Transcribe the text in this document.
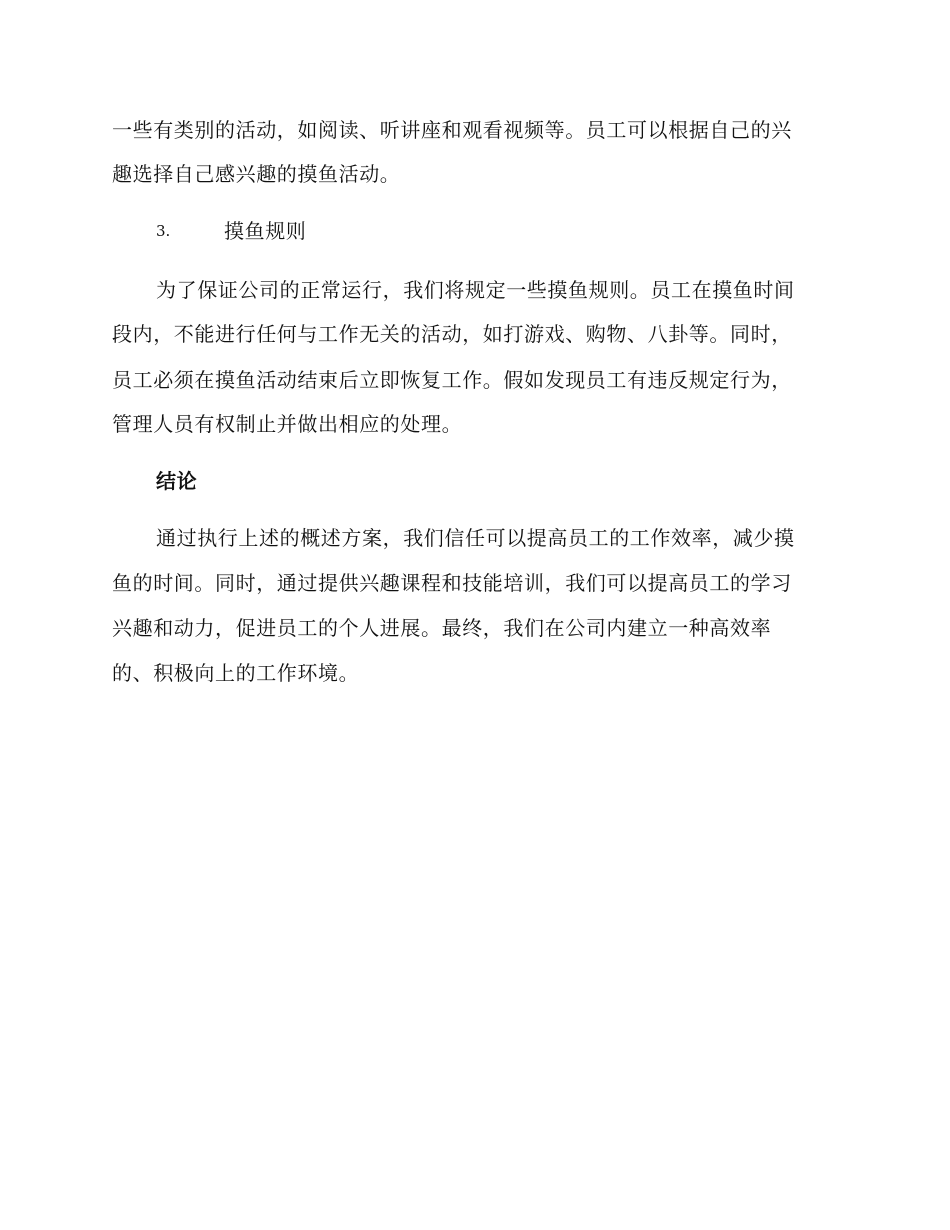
一些有类别的活动，如阅读、听讲座和观看视频等。员工可以根据自己的兴
趣选择自己感兴趣的摸鱼活动。
3.	摸鱼规则
为了保证公司的正常运行，我们将规定一些摸鱼规则。员工在摸鱼时间
段内，不能进行任何与工作无关的活动，如打游戏、购物、八卦等。同时，
员工必须在摸鱼活动结束后立即恢复工作。假如发现员工有违反规定行为，
管理人员有权制止并做出相应的处理。
结论
通过执行上述的概述方案，我们信任可以提高员工的工作效率，减少摸
鱼的时间。同时，通过提供兴趣课程和技能培训，我们可以提高员工的学习
兴趣和动力，促进员工的个人进展。最终，我们在公司内建立一种高效率
的、积极向上的工作环境。
